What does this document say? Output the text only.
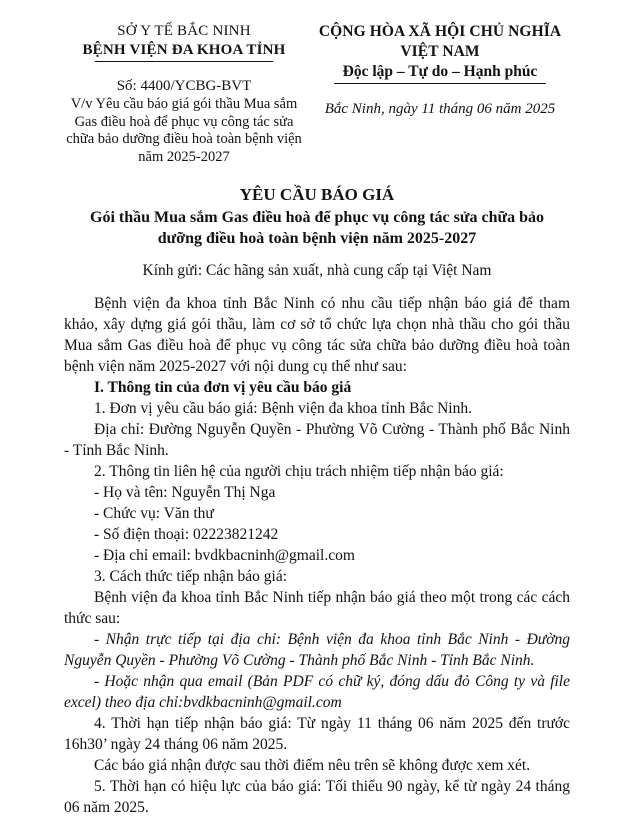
SỞ Y TẾ BẮC NINH
BỆNH VIỆN ĐA KHOA TỈNH
Số: 4400/YCBG-BVT
V/v Yêu cầu báo giá gói thầu Mua sắm Gas điều hoà để phục vụ công tác sửa chữa bảo dưỡng điều hoà toàn bệnh viện năm 2025-2027
CỘNG HÒA XÃ HỘI CHỦ NGHĨA VIỆT NAM
Độc lập – Tự do – Hạnh phúc
Bắc Ninh, ngày 11 tháng 06 năm 2025
YÊU CẦU BÁO GIÁ
Gói thầu Mua sắm Gas điều hoà để phục vụ công tác sửa chữa bảo dưỡng điều hoà toàn bệnh viện năm 2025-2027
Kính gửi: Các hãng sản xuất, nhà cung cấp tại Việt Nam

Bệnh viện đa khoa tỉnh Bắc Ninh có nhu cầu tiếp nhận báo giá để tham khảo, xây dựng giá gói thầu, làm cơ sở tổ chức lựa chọn nhà thầu cho gói thầu Mua sắm Gas điều hoà để phục vụ công tác sửa chữa bảo dưỡng điều hoà toàn bệnh viện năm 2025-2027 với nội dung cụ thể như sau:

I. Thông tin của đơn vị yêu cầu báo giá

1. Đơn vị yêu cầu báo giá: Bệnh viện đa khoa tỉnh Bắc Ninh.

Địa chỉ: Đường Nguyễn Quyền - Phường Võ Cường - Thành phố Bắc Ninh - Tỉnh Bắc Ninh.

2. Thông tin liên hệ của người chịu trách nhiệm tiếp nhận báo giá:

- Họ và tên: Nguyễn Thị Nga

- Chức vụ: Văn thư

- Số điện thoại: 02223821242

- Địa chỉ email: bvdkbacninh@gmail.com

3. Cách thức tiếp nhận báo giá:

Bệnh viện đa khoa tỉnh Bắc Ninh tiếp nhận báo giá theo một trong các cách thức sau:

- Nhận trực tiếp tại địa chỉ: Bệnh viện đa khoa tỉnh Bắc Ninh - Đường Nguyễn Quyền - Phường Võ Cường - Thành phố Bắc Ninh - Tỉnh Bắc Ninh.

- Hoặc nhận qua email (Bản PDF có chữ ký, đóng dấu đỏ Công ty và file excel) theo địa chỉ:bvdkbacninh@gmail.com

4. Thời hạn tiếp nhận báo giá: Từ ngày 11 tháng 06 năm 2025 đến trước 16h30’ ngày 24 tháng 06 năm 2025.

Các báo giá nhận được sau thời điểm nêu trên sẽ không được xem xét.

5. Thời hạn có hiệu lực của báo giá: Tối thiểu 90 ngày, kể từ ngày 24 tháng 06 năm 2025.
